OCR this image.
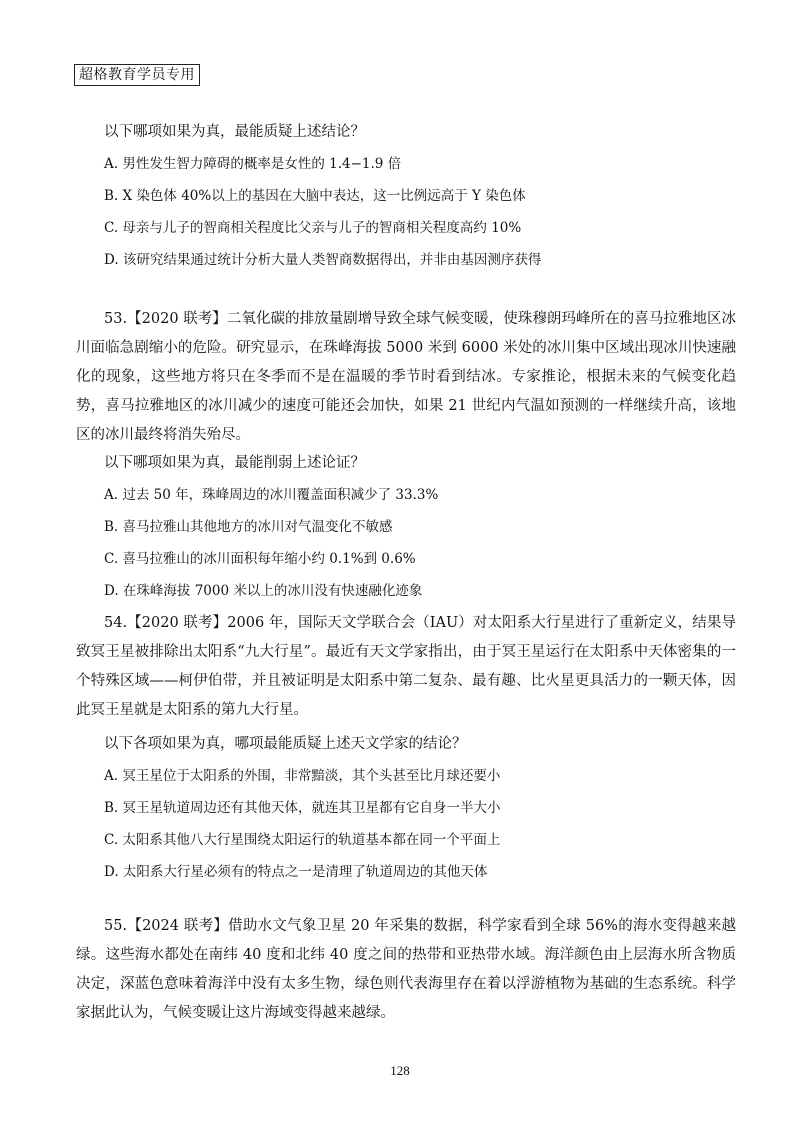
超格教育学员专用

以下哪项如果为真，最能质疑上述结论？

A. 男性发生智力障碍的概率是女性的 1.4−1.9 倍
B. X 染色体 40%以上的基因在大脑中表达，这一比例远高于 Y 染色体
C. 母亲与儿子的智商相关程度比父亲与儿子的智商相关程度高约 10%
D. 该研究结果通过统计分析大量人类智商数据得出，并非由基因测序获得

53.【2020 联考】二氧化碳的排放量剧增导致全球气候变暖，使珠穆朗玛峰所在的喜马拉雅地区冰川面临急剧缩小的危险。研究显示，在珠峰海拔 5000 米到 6000 米处的冰川集中区域出现冰川快速融化的现象，这些地方将只在冬季而不是在温暖的季节时看到结冰。专家推论，根据未来的气候变化趋势，喜马拉雅地区的冰川减少的速度可能还会加快，如果 21 世纪内气温如预测的一样继续升高，该地区的冰川最终将消失殆尽。

以下哪项如果为真，最能削弱上述论证？

A. 过去 50 年，珠峰周边的冰川覆盖面积减少了 33.3%
B. 喜马拉雅山其他地方的冰川对气温变化不敏感
C. 喜马拉雅山的冰川面积每年缩小约 0.1%到 0.6%
D. 在珠峰海拔 7000 米以上的冰川没有快速融化迹象

54.【2020 联考】2006 年，国际天文学联合会（IAU）对太阳系大行星进行了重新定义，结果导致冥王星被排除出太阳系“九大行星”。最近有天文学家指出，由于冥王星运行在太阳系中天体密集的一个特殊区域——柯伊伯带，并且被证明是太阳系中第二复杂、最有趣、比火星更具活力的一颗天体，因此冥王星就是太阳系的第九大行星。

以下各项如果为真，哪项最能质疑上述天文学家的结论？

A. 冥王星位于太阳系的外围，非常黯淡，其个头甚至比月球还要小
B. 冥王星轨道周边还有其他天体，就连其卫星都有它自身一半大小
C. 太阳系其他八大行星围绕太阳运行的轨道基本都在同一个平面上
D. 太阳系大行星必须有的特点之一是清理了轨道周边的其他天体

55.【2024 联考】借助水文气象卫星 20 年采集的数据，科学家看到全球 56%的海水变得越来越绿。这些海水都处在南纬 40 度和北纬 40 度之间的热带和亚热带水域。海洋颜色由上层海水所含物质决定，深蓝色意味着海洋中没有太多生物，绿色则代表海里存在着以浮游植物为基础的生态系统。科学家据此认为，气候变暖让这片海域变得越来越绿。

128
